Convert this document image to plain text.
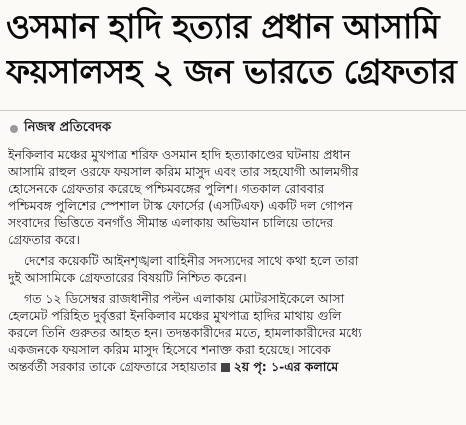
ওসমান হাদি হত্যার প্রধান আসামি
ফয়সালসহ ২ জন ভারতে গ্রেফতার
নিজস্ব প্রতিবেদক

ইনকিলাব মঞ্চের মুখপাত্র শরিফ ওসমান হাদি হত্যাকাণ্ডের ঘটনায় প্রধান
আসামি রাহুল ওরফে ফয়সাল করিম মাসুদ এবং তার সহযোগী আলমগীর
হোসেনকে গ্রেফতার করেছে পশ্চিমবঙ্গের পুলিশ। গতকাল রোববার
পশ্চিমবঙ্গ পুলিশের স্পেশাল টাস্ক ফোর্সের (এসটিএফ) একটি দল গোপন
সংবাদের ভিত্তিতে বনগাঁও সীমান্ত এলাকায় অভিযান চালিয়ে তাদের
গ্রেফতার করে।

দেশের কয়েকটি আইনশৃঙ্খলা বাহিনীর সদস্যদের সাথে কথা হলে তারা
দুই আসামিকে গ্রেফতারের বিষয়টি নিশ্চিত করেন।

গত ১২ ডিসেম্বর রাজধানীর পল্টন এলাকায় মোটরসাইকেলে আসা
হেলমেট পরিহিত দুর্বৃত্তরা ইনকিলাব মঞ্চের মুখপাত্র হাদির মাথায় গুলি
করলে তিনি গুরুতর আহত হন। তদন্তকারীদের মতে, হামলাকারীদের মধ্যে
একজনকে ফয়সাল করিম মাসুদ হিসেবে শনাক্ত করা হয়েছে। সাবেক
অন্তর্বর্তী সরকার তাকে গ্রেফতারে সহায়তার ২য় পৃ: ১-এর কলামে
